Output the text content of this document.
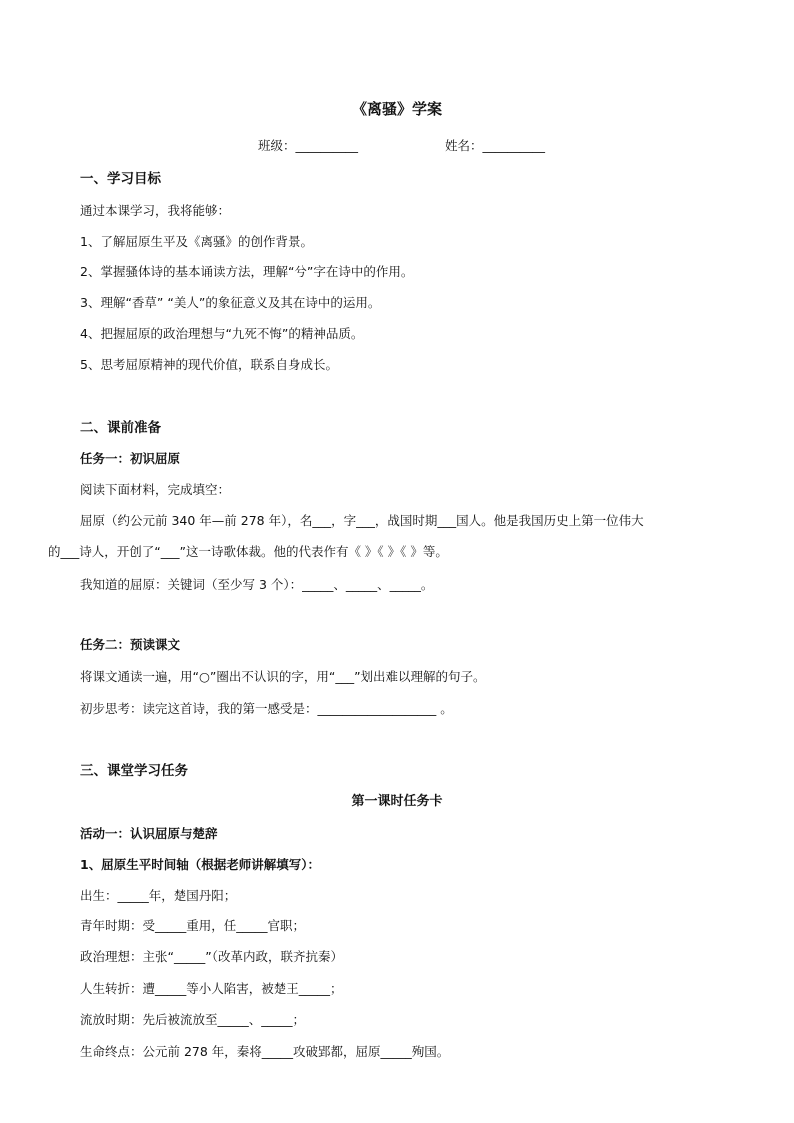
《离骚》学案
班级：__________	姓名：__________
一、学习目标
通过本课学习，我将能够：
1、了解屈原生平及《离骚》的创作背景。
2、掌握骚体诗的基本诵读方法，理解“兮”字在诗中的作用。
3、理解“香草” “美人”的象征意义及其在诗中的运用。
4、把握屈原的政治理想与“九死不悔”的精神品质。
5、思考屈原精神的现代价值，联系自身成长。
二、课前准备
任务一：初识屈原
阅读下面材料，完成填空：
屈原（约公元前 340 年—前 278 年），名___，字___，战国时期___国人。他是我国历史上第一位伟大
的___诗人，开创了“___”这一诗歌体裁。他的代表作有《 》《 》《 》等。
我知道的屈原：关键词（至少写 3 个）：_____、_____、_____。
任务二：预读课文
将课文通读一遍，用“○”圈出不认识的字，用“___”划出难以理解的句子。
初步思考：读完这首诗，我的第一感受是：___________________ 。
三、课堂学习任务
第一课时任务卡
活动一：认识屈原与楚辞
1、屈原生平时间轴（根据老师讲解填写）：
出生：_____年，楚国丹阳；
青年时期：受_____重用，任_____官职；
政治理想：主张“_____”（改革内政，联齐抗秦）
人生转折：遭_____等小人陷害，被楚王_____；
流放时期：先后被流放至_____、_____；
生命终点：公元前 278 年，秦将_____攻破郢都，屈原_____殉国。
